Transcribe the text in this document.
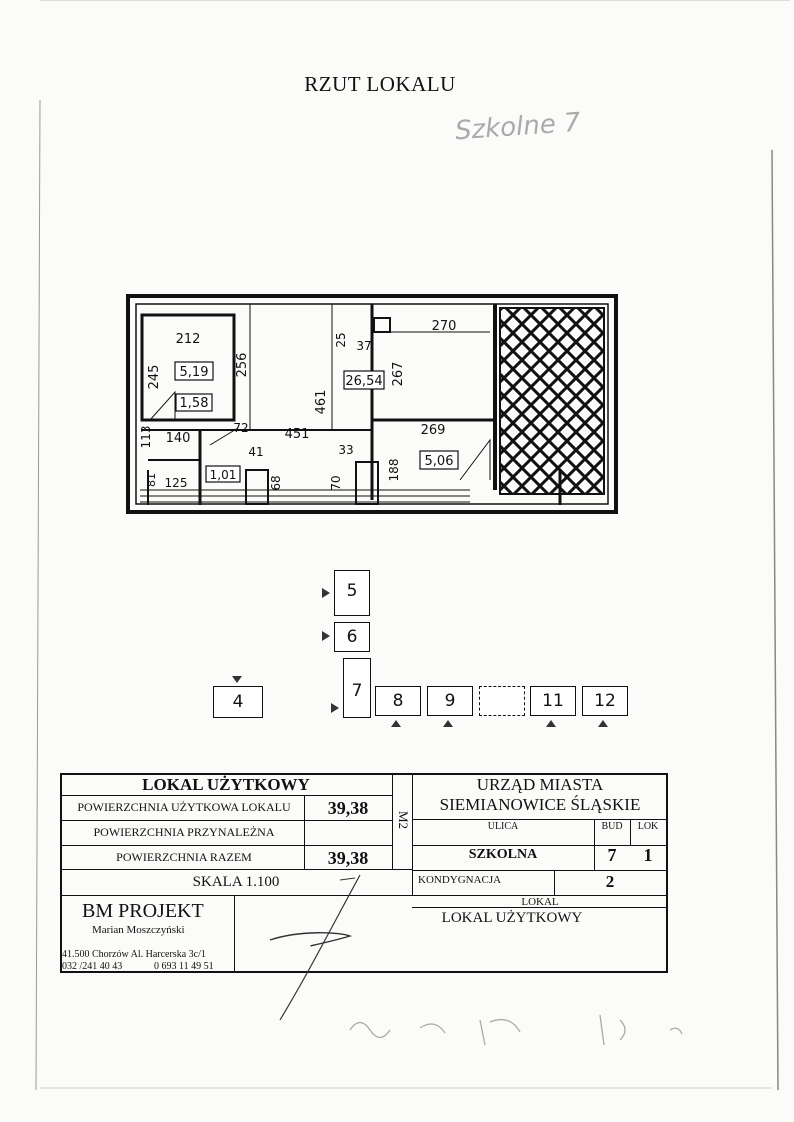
RZUT LOKALU
Szkolne 7
212
245	256
5,19
1,58
113 140
72	451
461
26,54
25 37
270
267
269
5,06
33
188
70
68
41
1,01
125
81
5
6
7
4	8	9	11	12
LOKAL UŻYTKOWY
POWIERZCHNIA UŻYTKOWA LOKALU	39,38
POWIERZCHNIA PRZYNALEŻNA
POWIERZCHNIA RAZEM	39,38
SKALA 1.100
M2
URZĄD MIASTA
SIEMIANOWICE ŚLĄSKIE
ULICA	BUD	LOK
SZKOLNA	7	1
KONDYGNACJA	2
LOKAL
LOKAL UŻYTKOWY
BM PROJEKT
Marian Moszczyński
41.500 Chorzów Al. Harcerska 3c/1
032 /241 40 43	0 693 11 49 51
